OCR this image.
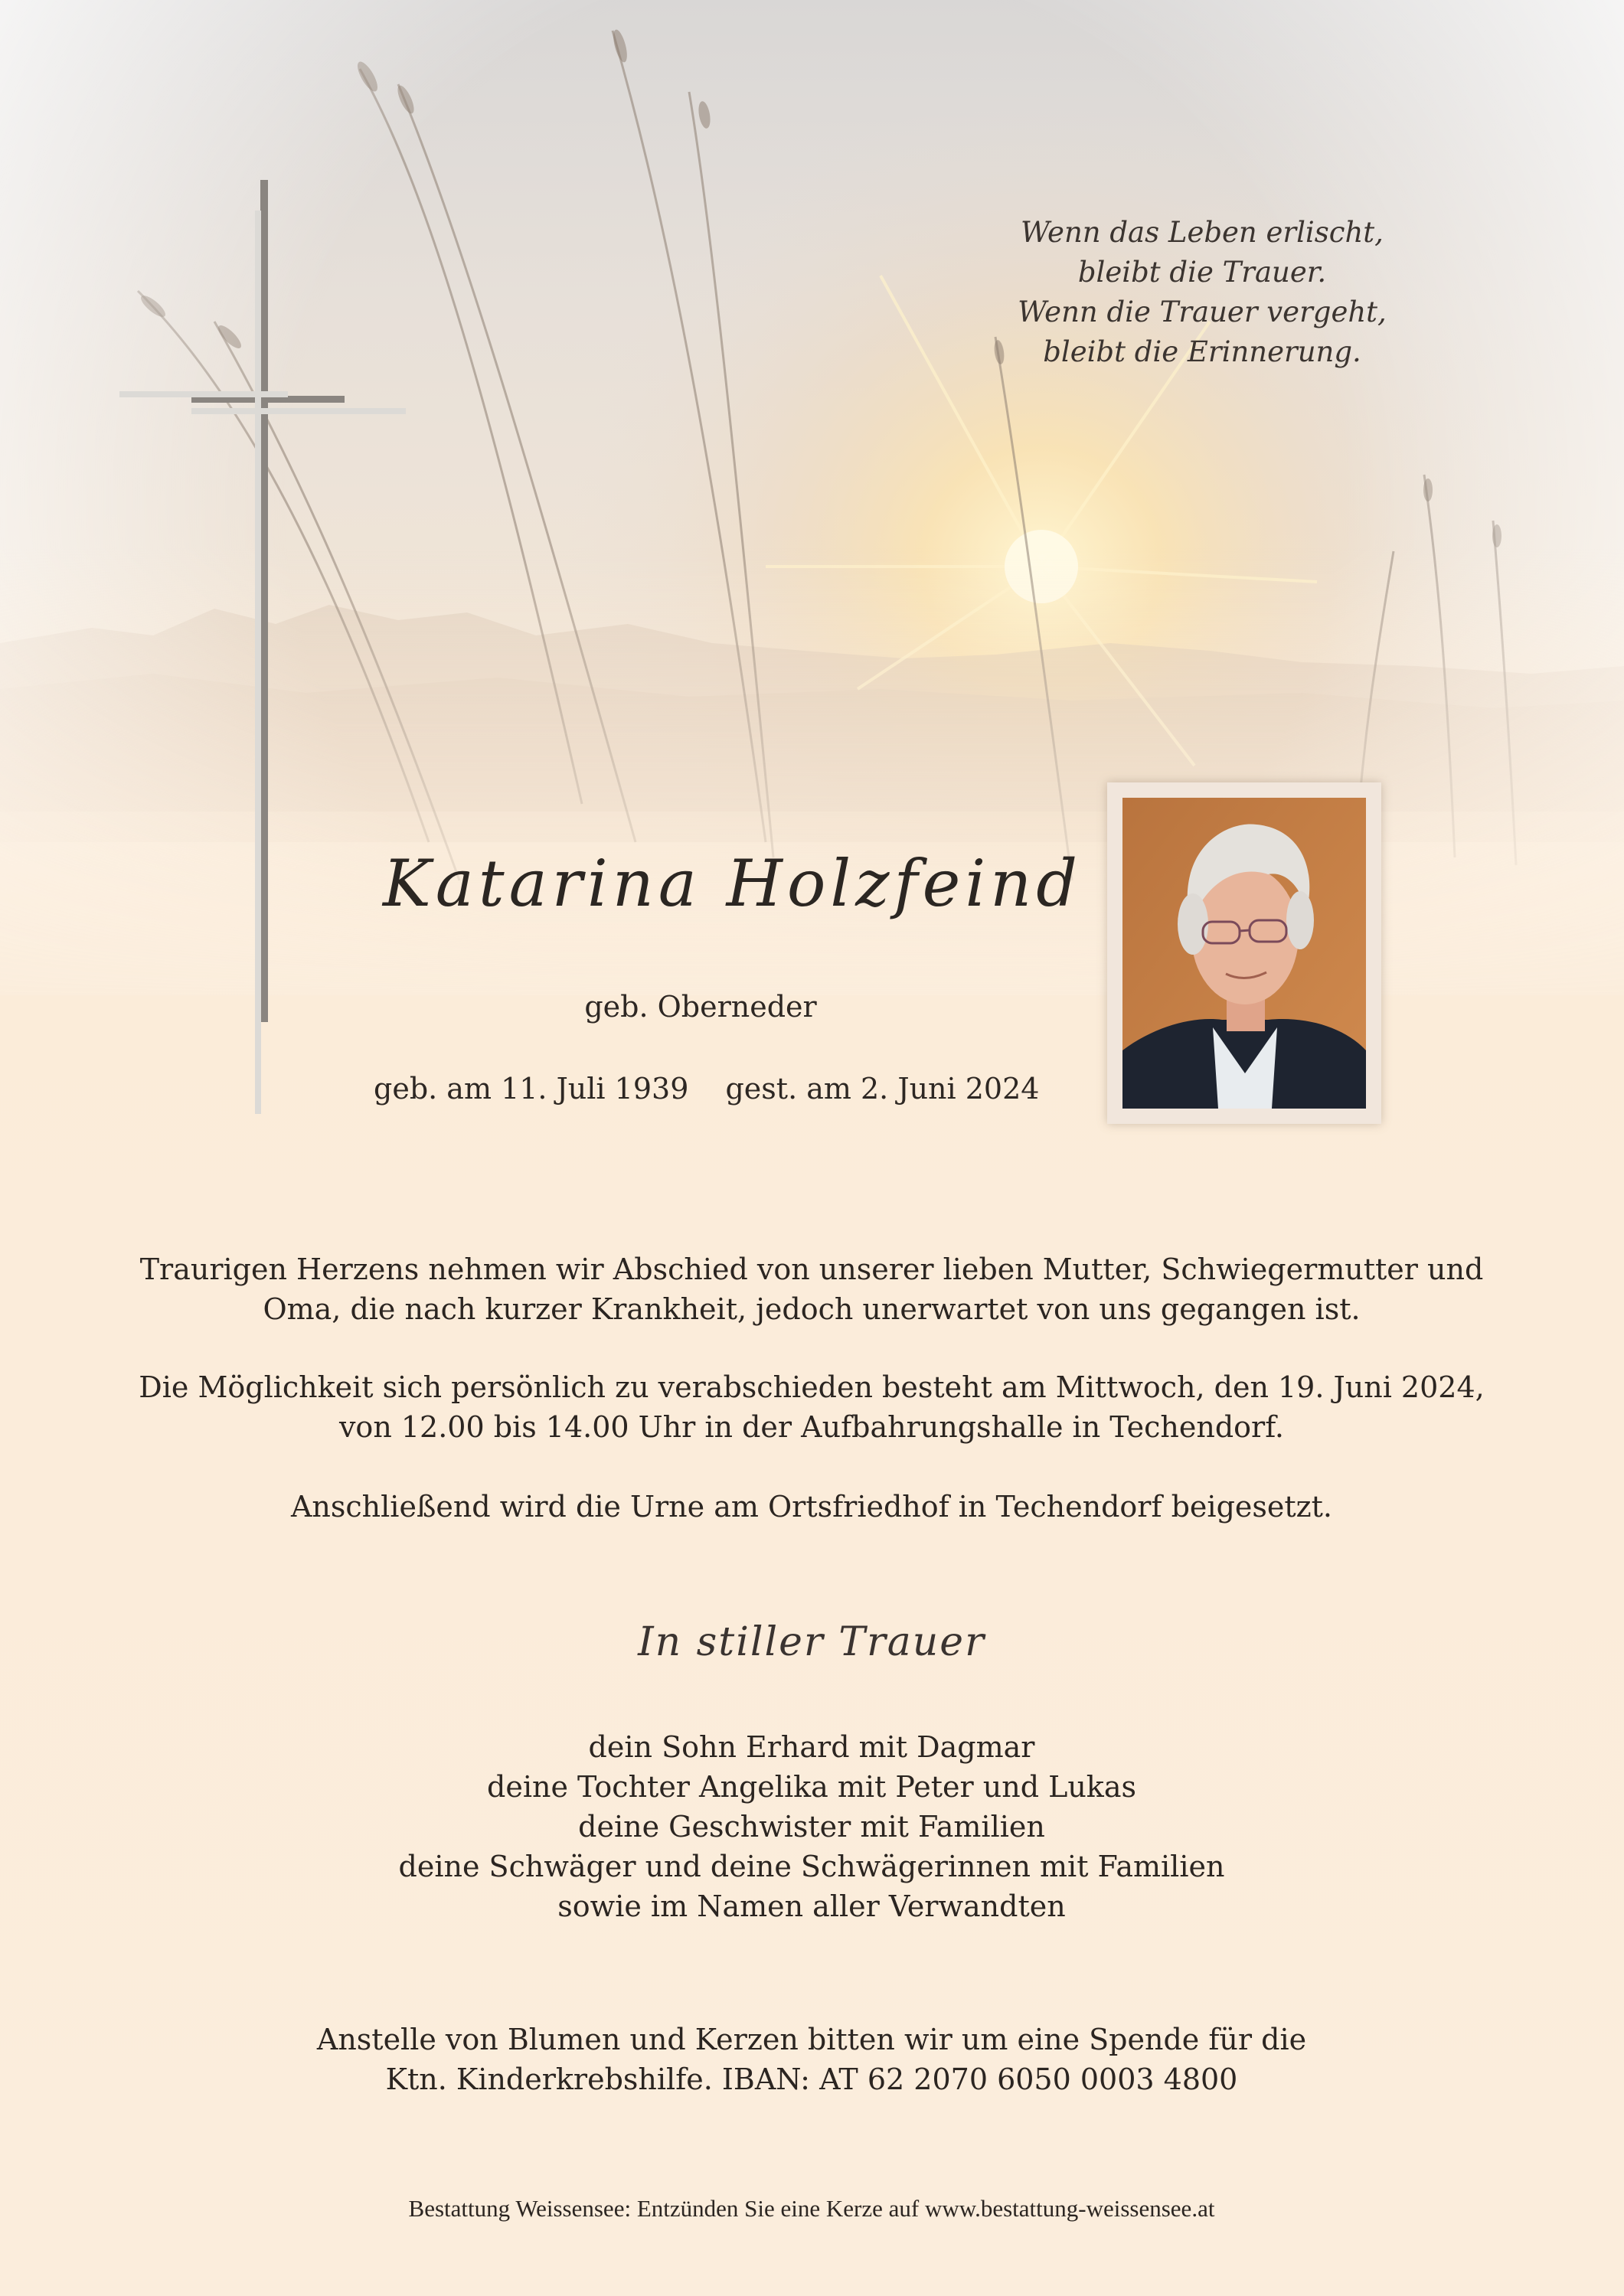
Wenn das Leben erlischt,
bleibt die Trauer.
Wenn die Trauer vergeht,
bleibt die Erinnerung.
Katarina Holzfeind
geb. Oberneder
geb. am 11. Juli 1939 gest. am 2. Juni 2024
Traurigen Herzens nehmen wir Abschied von unserer lieben Mutter, Schwiegermutter und
Oma, die nach kurzer Krankheit, jedoch unerwartet von uns gegangen ist.
Die Möglichkeit sich persönlich zu verabschieden besteht am Mittwoch, den 19. Juni 2024,
von 12.00 bis 14.00 Uhr in der Aufbahrungshalle in Techendorf.
Anschließend wird die Urne am Ortsfriedhof in Techendorf beigesetzt.
In stiller Trauer
dein Sohn Erhard mit Dagmar
deine Tochter Angelika mit Peter und Lukas
deine Geschwister mit Familien
deine Schwäger und deine Schwägerinnen mit Familien
sowie im Namen aller Verwandten
Anstelle von Blumen und Kerzen bitten wir um eine Spende für die
Ktn. Kinderkrebshilfe. IBAN: AT 62 2070 6050 0003 4800
Bestattung Weissensee: Entzünden Sie eine Kerze auf www.bestattung-weissensee.at
